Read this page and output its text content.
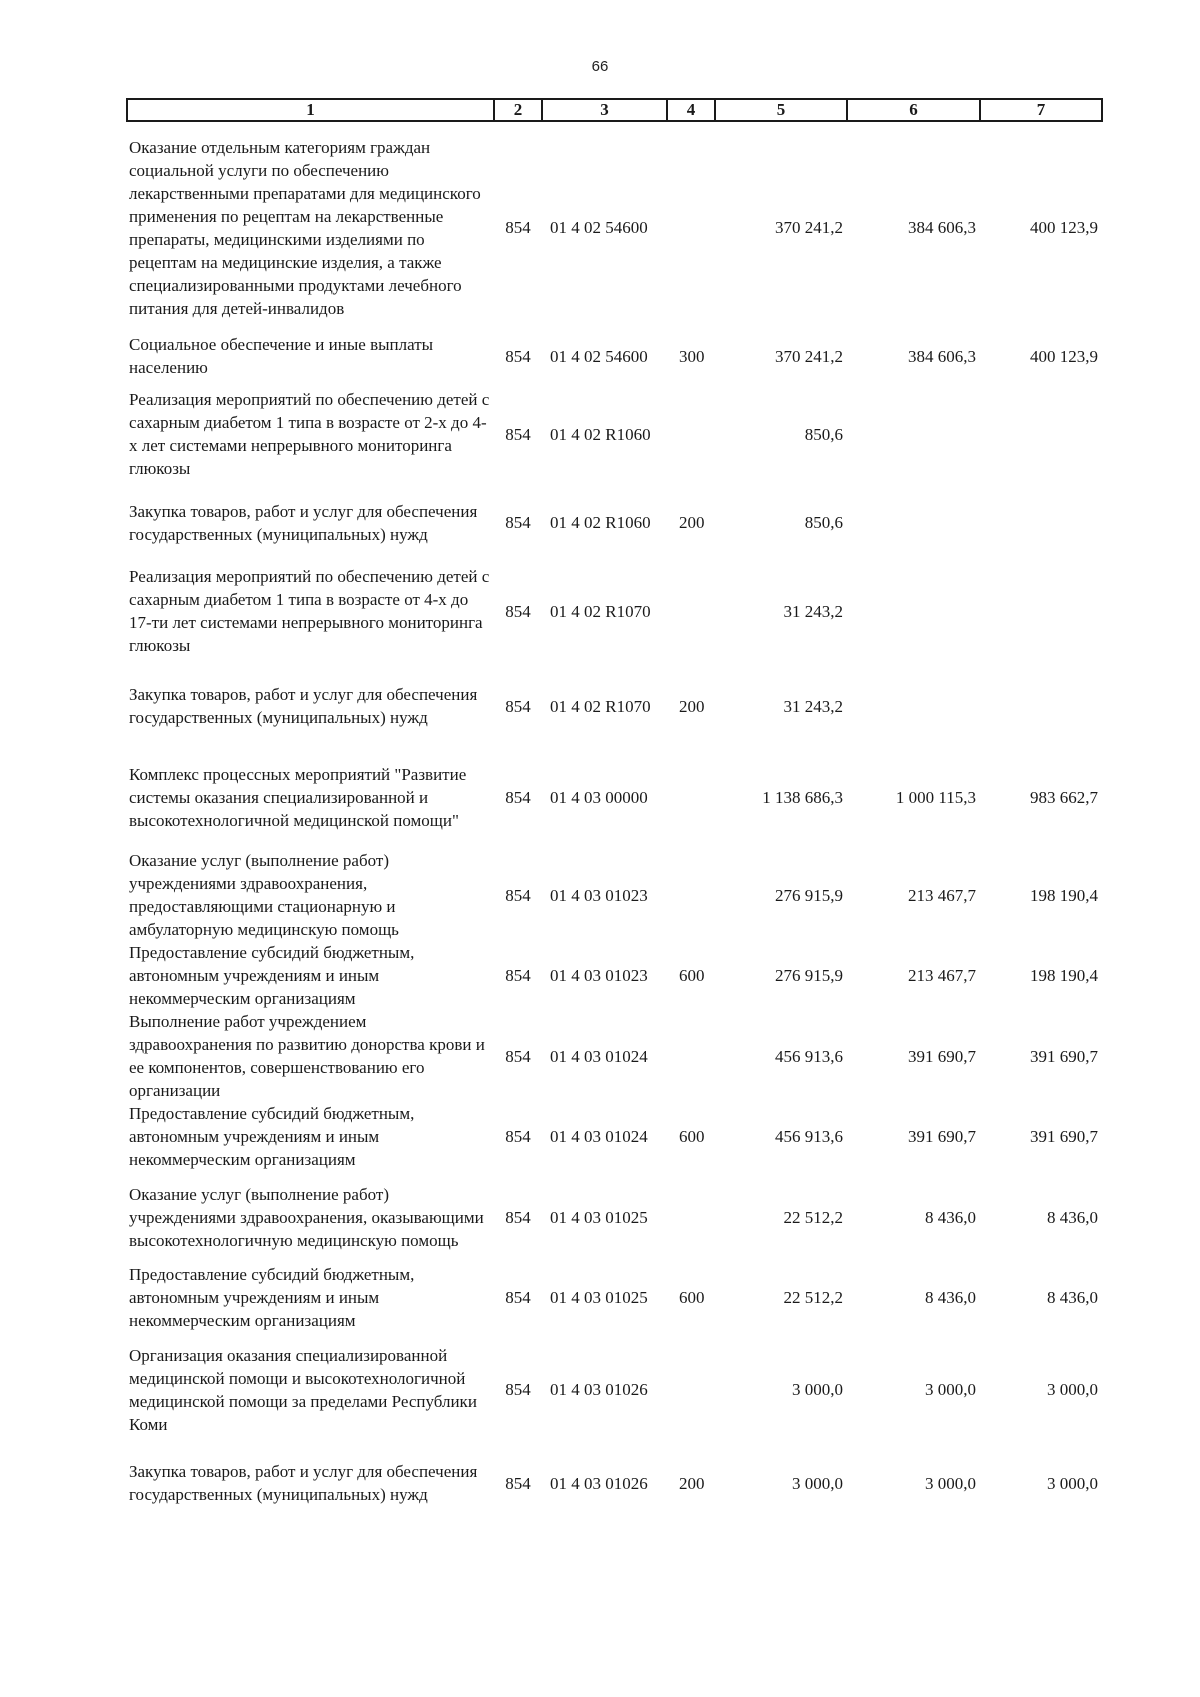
66
1	2	3	4	5	6	7
Оказание отдельным категориям граждан социальной услуги по обеспечению лекарственными препаратами для медицинского применения по рецептам на лекарственные препараты, медицинскими изделиями по рецептам на медицинские изделия, а также специализированными продуктами лечебного питания для детей-инвалидов	854	01 4 02 54600		370 241,2	384 606,3	400 123,9
Социальное обеспечение и иные выплаты населению	854	01 4 02 54600	300	370 241,2	384 606,3	400 123,9
Реализация мероприятий по обеспечению детей с сахарным диабетом 1 типа в возрасте от 2-х до 4-х лет системами непрерывного мониторинга глюкозы	854	01 4 02 R1060		850,6		
Закупка товаров, работ и услуг для обеспечения государственных (муниципальных) нужд	854	01 4 02 R1060	200	850,6		
Реализация мероприятий по обеспечению детей с сахарным диабетом 1 типа в возрасте от 4-х до 17-ти лет системами непрерывного мониторинга глюкозы	854	01 4 02 R1070		31 243,2		
Закупка товаров, работ и услуг для обеспечения государственных (муниципальных) нужд	854	01 4 02 R1070	200	31 243,2		
Комплекс процессных мероприятий "Развитие системы оказания специализированной и высокотехнологичной медицинской помощи"	854	01 4 03 00000		1 138 686,3	1 000 115,3	983 662,7
Оказание услуг (выполнение работ) учреждениями здравоохранения, предоставляющими стационарную и амбулаторную медицинскую помощь	854	01 4 03 01023		276 915,9	213 467,7	198 190,4
Предоставление субсидий бюджетным, автономным учреждениям и иным некоммерческим организациям	854	01 4 03 01023	600	276 915,9	213 467,7	198 190,4
Выполнение работ учреждением здравоохранения по развитию донорства крови и ее компонентов, совершенствованию его организации	854	01 4 03 01024		456 913,6	391 690,7	391 690,7
Предоставление субсидий бюджетным, автономным учреждениям и иным некоммерческим организациям	854	01 4 03 01024	600	456 913,6	391 690,7	391 690,7
Оказание услуг (выполнение работ) учреждениями здравоохранения, оказывающими высокотехнологичную медицинскую помощь	854	01 4 03 01025		22 512,2	8 436,0	8 436,0
Предоставление субсидий бюджетным, автономным учреждениям и иным некоммерческим организациям	854	01 4 03 01025	600	22 512,2	8 436,0	8 436,0
Организация оказания специализированной медицинской помощи и высокотехнологичной медицинской помощи за пределами Республики Коми	854	01 4 03 01026		3 000,0	3 000,0	3 000,0
Закупка товаров, работ и услуг для обеспечения государственных (муниципальных) нужд	854	01 4 03 01026	200	3 000,0	3 000,0	3 000,0
